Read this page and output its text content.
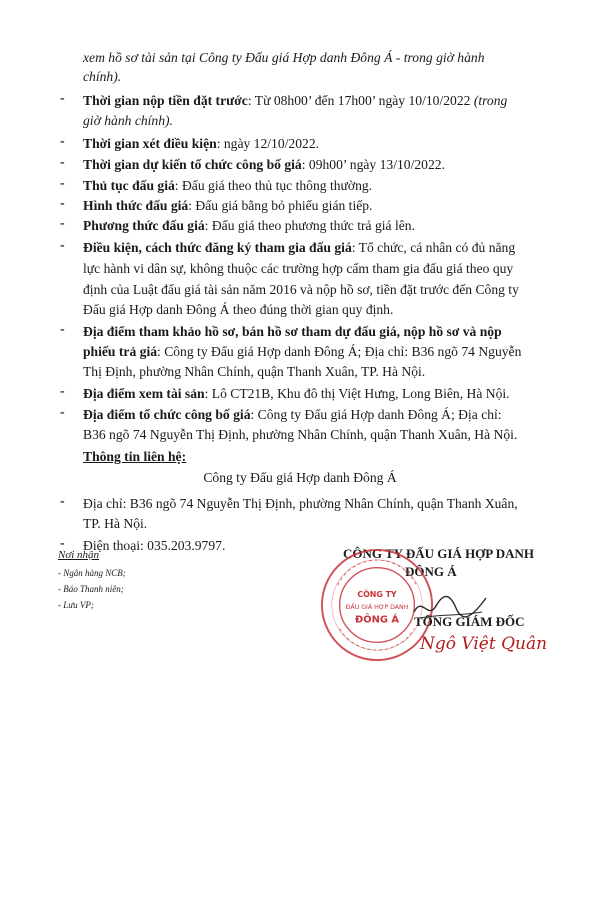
xem hồ sơ tài sản tại Công ty Đấu giá Hợp danh Đông Á - trong giờ hành
chính).
- Thời gian nộp tiền đặt trước: Từ 08h00’ đến 17h00’ ngày 10/10/2022 (trong
giờ hành chính).
- Thời gian xét điều kiện: ngày 12/10/2022.
- Thời gian dự kiến tổ chức công bố giá: 09h00’ ngày 13/10/2022.
- Thủ tục đấu giá: Đấu giá theo thủ tục thông thường.
- Hình thức đấu giá: Đấu giá bằng bỏ phiếu gián tiếp.
- Phương thức đấu giá: Đấu giá theo phương thức trả giá lên.
- Điều kiện, cách thức đăng ký tham gia đấu giá: Tổ chức, cá nhân có đủ năng
lực hành vi dân sự, không thuộc các trường hợp cấm tham gia đấu giá theo quy
định của Luật đấu giá tài sản năm 2016 và nộp hồ sơ, tiền đặt trước đến Công ty
Đấu giá Hợp danh Đông Á theo đúng thời gian quy định.
- Địa điểm tham khảo hồ sơ, bán hồ sơ tham dự đấu giá, nộp hồ sơ và nộp
phiếu trả giá: Công ty Đấu giá Hợp danh Đông Á; Địa chỉ: B36 ngõ 74 Nguyễn
Thị Định, phường Nhân Chính, quận Thanh Xuân, TP. Hà Nội.
- Địa điểm xem tài sản: Lô CT21B, Khu đô thị Việt Hưng, Long Biên, Hà Nội.
- Địa điểm tổ chức công bố giá: Công ty Đấu giá Hợp danh Đông Á; Địa chỉ:
B36 ngõ 74 Nguyễn Thị Định, phường Nhân Chính, quận Thanh Xuân, Hà Nội.
Thông tin liên hệ:
Công ty Đấu giá Hợp danh Đông Á
- Địa chỉ: B36 ngõ 74 Nguyễn Thị Định, phường Nhân Chính, quận Thanh Xuân,
TP. Hà Nội.
- Điện thoại: 035.203.9797.
Nơi nhận
- Ngân hàng NCB;
- Báo Thanh niên;
- Lưu VP;
CÔNG TY ĐẤU GIÁ HỢP DANH
ĐÔNG Á
CÔNG TY
ĐẤU GIÁ HỢP DANH
ĐÔNG Á TỔNG GIÁM ĐỐC
Ngô Việt Quân
